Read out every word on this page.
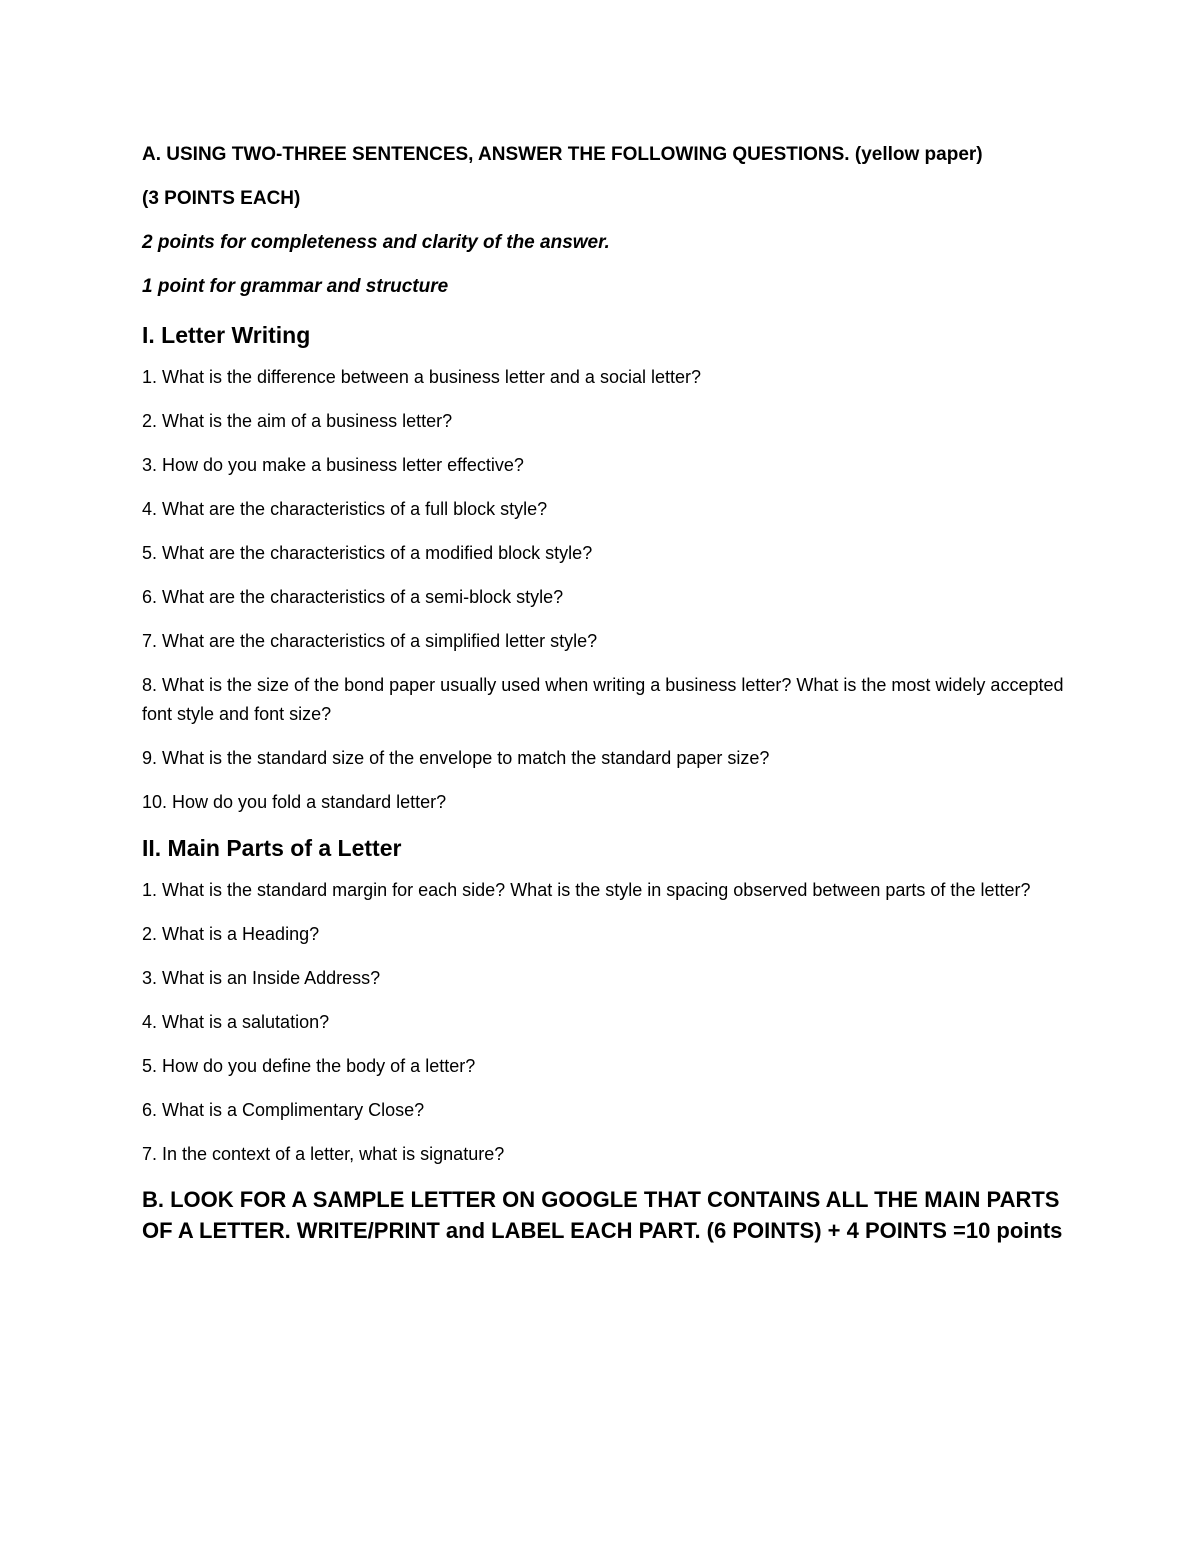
A. USING TWO-THREE SENTENCES, ANSWER THE FOLLOWING QUESTIONS. (yellow paper)

(3 POINTS EACH)

2 points for completeness and clarity of the answer.

1 point for grammar and structure

I. Letter Writing

1. What is the difference between a business letter and a social letter?

2. What is the aim of a business letter?

3. How do you make a business letter effective?

4. What are the characteristics of a full block style?

5. What are the characteristics of a modified block style?

6. What are the characteristics of a semi-block style?

7. What are the characteristics of a simplified letter style?

8. What is the size of the bond paper usually used when writing a business letter? What is the most widely accepted font style and font size?

9. What is the standard size of the envelope to match the standard paper size?

10. How do you fold a standard letter?

II. Main Parts of a Letter

1. What is the standard margin for each side? What is the style in spacing observed between parts of the letter?

2. What is a Heading?

3. What is an Inside Address?

4. What is a salutation?

5. How do you define the body of a letter?

6. What is a Complimentary Close?

7. In the context of a letter, what is signature?

B. LOOK FOR A SAMPLE LETTER ON GOOGLE THAT CONTAINS ALL THE MAIN PARTS OF A LETTER. WRITE/PRINT and LABEL EACH PART. (6 POINTS) + 4 POINTS =10 points
